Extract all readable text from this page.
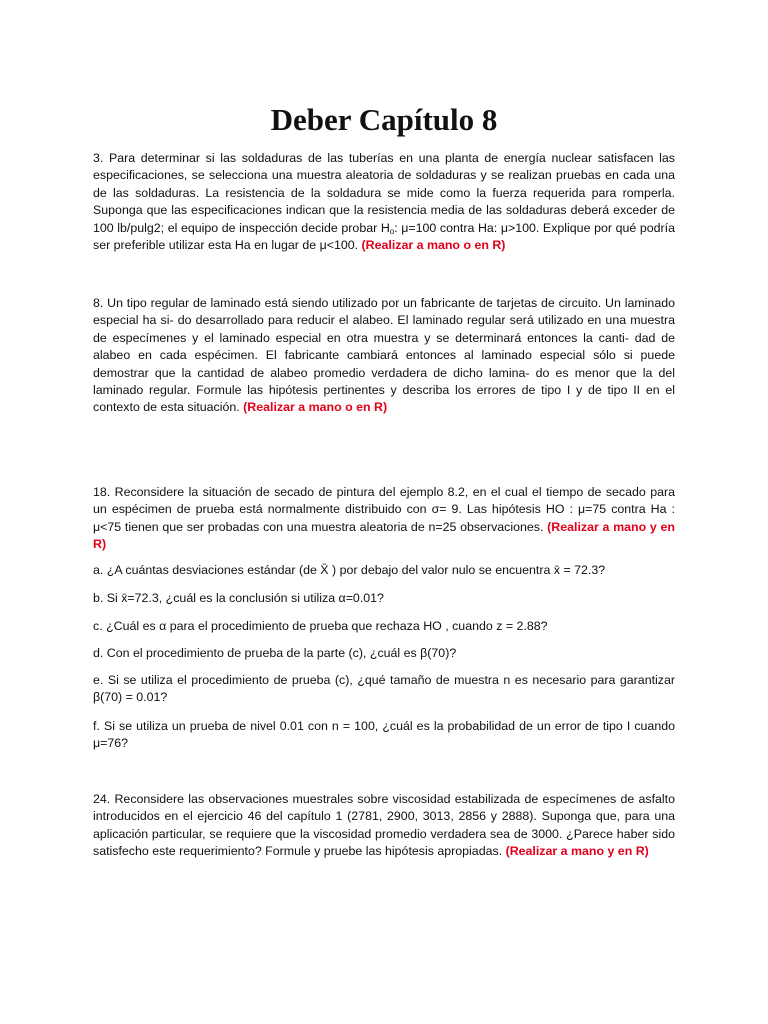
Deber Capítulo 8
3. Para determinar si las soldaduras de las tuberías en una planta de energía nuclear satisfacen las especificaciones, se selecciona una muestra aleatoria de soldaduras y se realizan pruebas en cada una de las soldaduras. La resistencia de la soldadura se mide como la fuerza requerida para romperla. Suponga que las especificaciones indican que la resistencia media de las soldaduras deberá exceder de 100 lb/pulg2; el equipo de inspección decide probar $H_o$: μ=100 contra Ha: μ>100. Explique por qué podría ser preferible utilizar esta Ha en lugar de μ<100. (Realizar a mano o en R)
8. Un tipo regular de laminado está siendo utilizado por un fabricante de tarjetas de circuito. Un laminado especial ha si- do desarrollado para reducir el alabeo. El laminado regular será utilizado en una muestra de especímenes y el laminado especial en otra muestra y se determinará entonces la canti- dad de alabeo en cada espécimen. El fabricante cambiará entonces al laminado especial sólo si puede demostrar que la cantidad de alabeo promedio verdadera de dicho lamina- do es menor que la del laminado regular. Formule las hipótesis pertinentes y describa los errores de tipo I y de tipo II en el contexto de esta situación. (Realizar a mano o en R)
18. Reconsidere la situación de secado de pintura del ejemplo 8.2, en el cual el tiempo de secado para un espécimen de prueba está normalmente distribuido con σ= 9. Las hipótesis HO : μ=75 contra Ha : μ<75 tienen que ser probadas con una muestra aleatoria de n=25 observaciones. (Realizar a mano y en R)
a. ¿A cuántas desviaciones estándar (de X̄ ) por debajo del valor nulo se encuentra x̄ = 72.3?
b. Si x̄=72.3, ¿cuál es la conclusión si utiliza α=0.01?
c. ¿Cuál es α para el procedimiento de prueba que rechaza HO , cuando z = 2.88?
d. Con el procedimiento de prueba de la parte (c), ¿cuál es β(70)?
e. Si se utiliza el procedimiento de prueba (c), ¿qué tamaño de muestra n es necesario para garantizar β(70) = 0.01?
f. Si se utiliza un prueba de nivel 0.01 con n = 100, ¿cuál es la probabilidad de un error de tipo I cuando μ=76?
24. Reconsidere las observaciones muestrales sobre viscosidad estabilizada de especímenes de asfalto introducidos en el ejercicio 46 del capítulo 1 (2781, 2900, 3013, 2856 y 2888). Suponga que, para una aplicación particular, se requiere que la viscosidad promedio verdadera sea de 3000. ¿Parece haber sido satisfecho este requerimiento? Formule y pruebe las hipótesis apropiadas. (Realizar a mano y en R)
